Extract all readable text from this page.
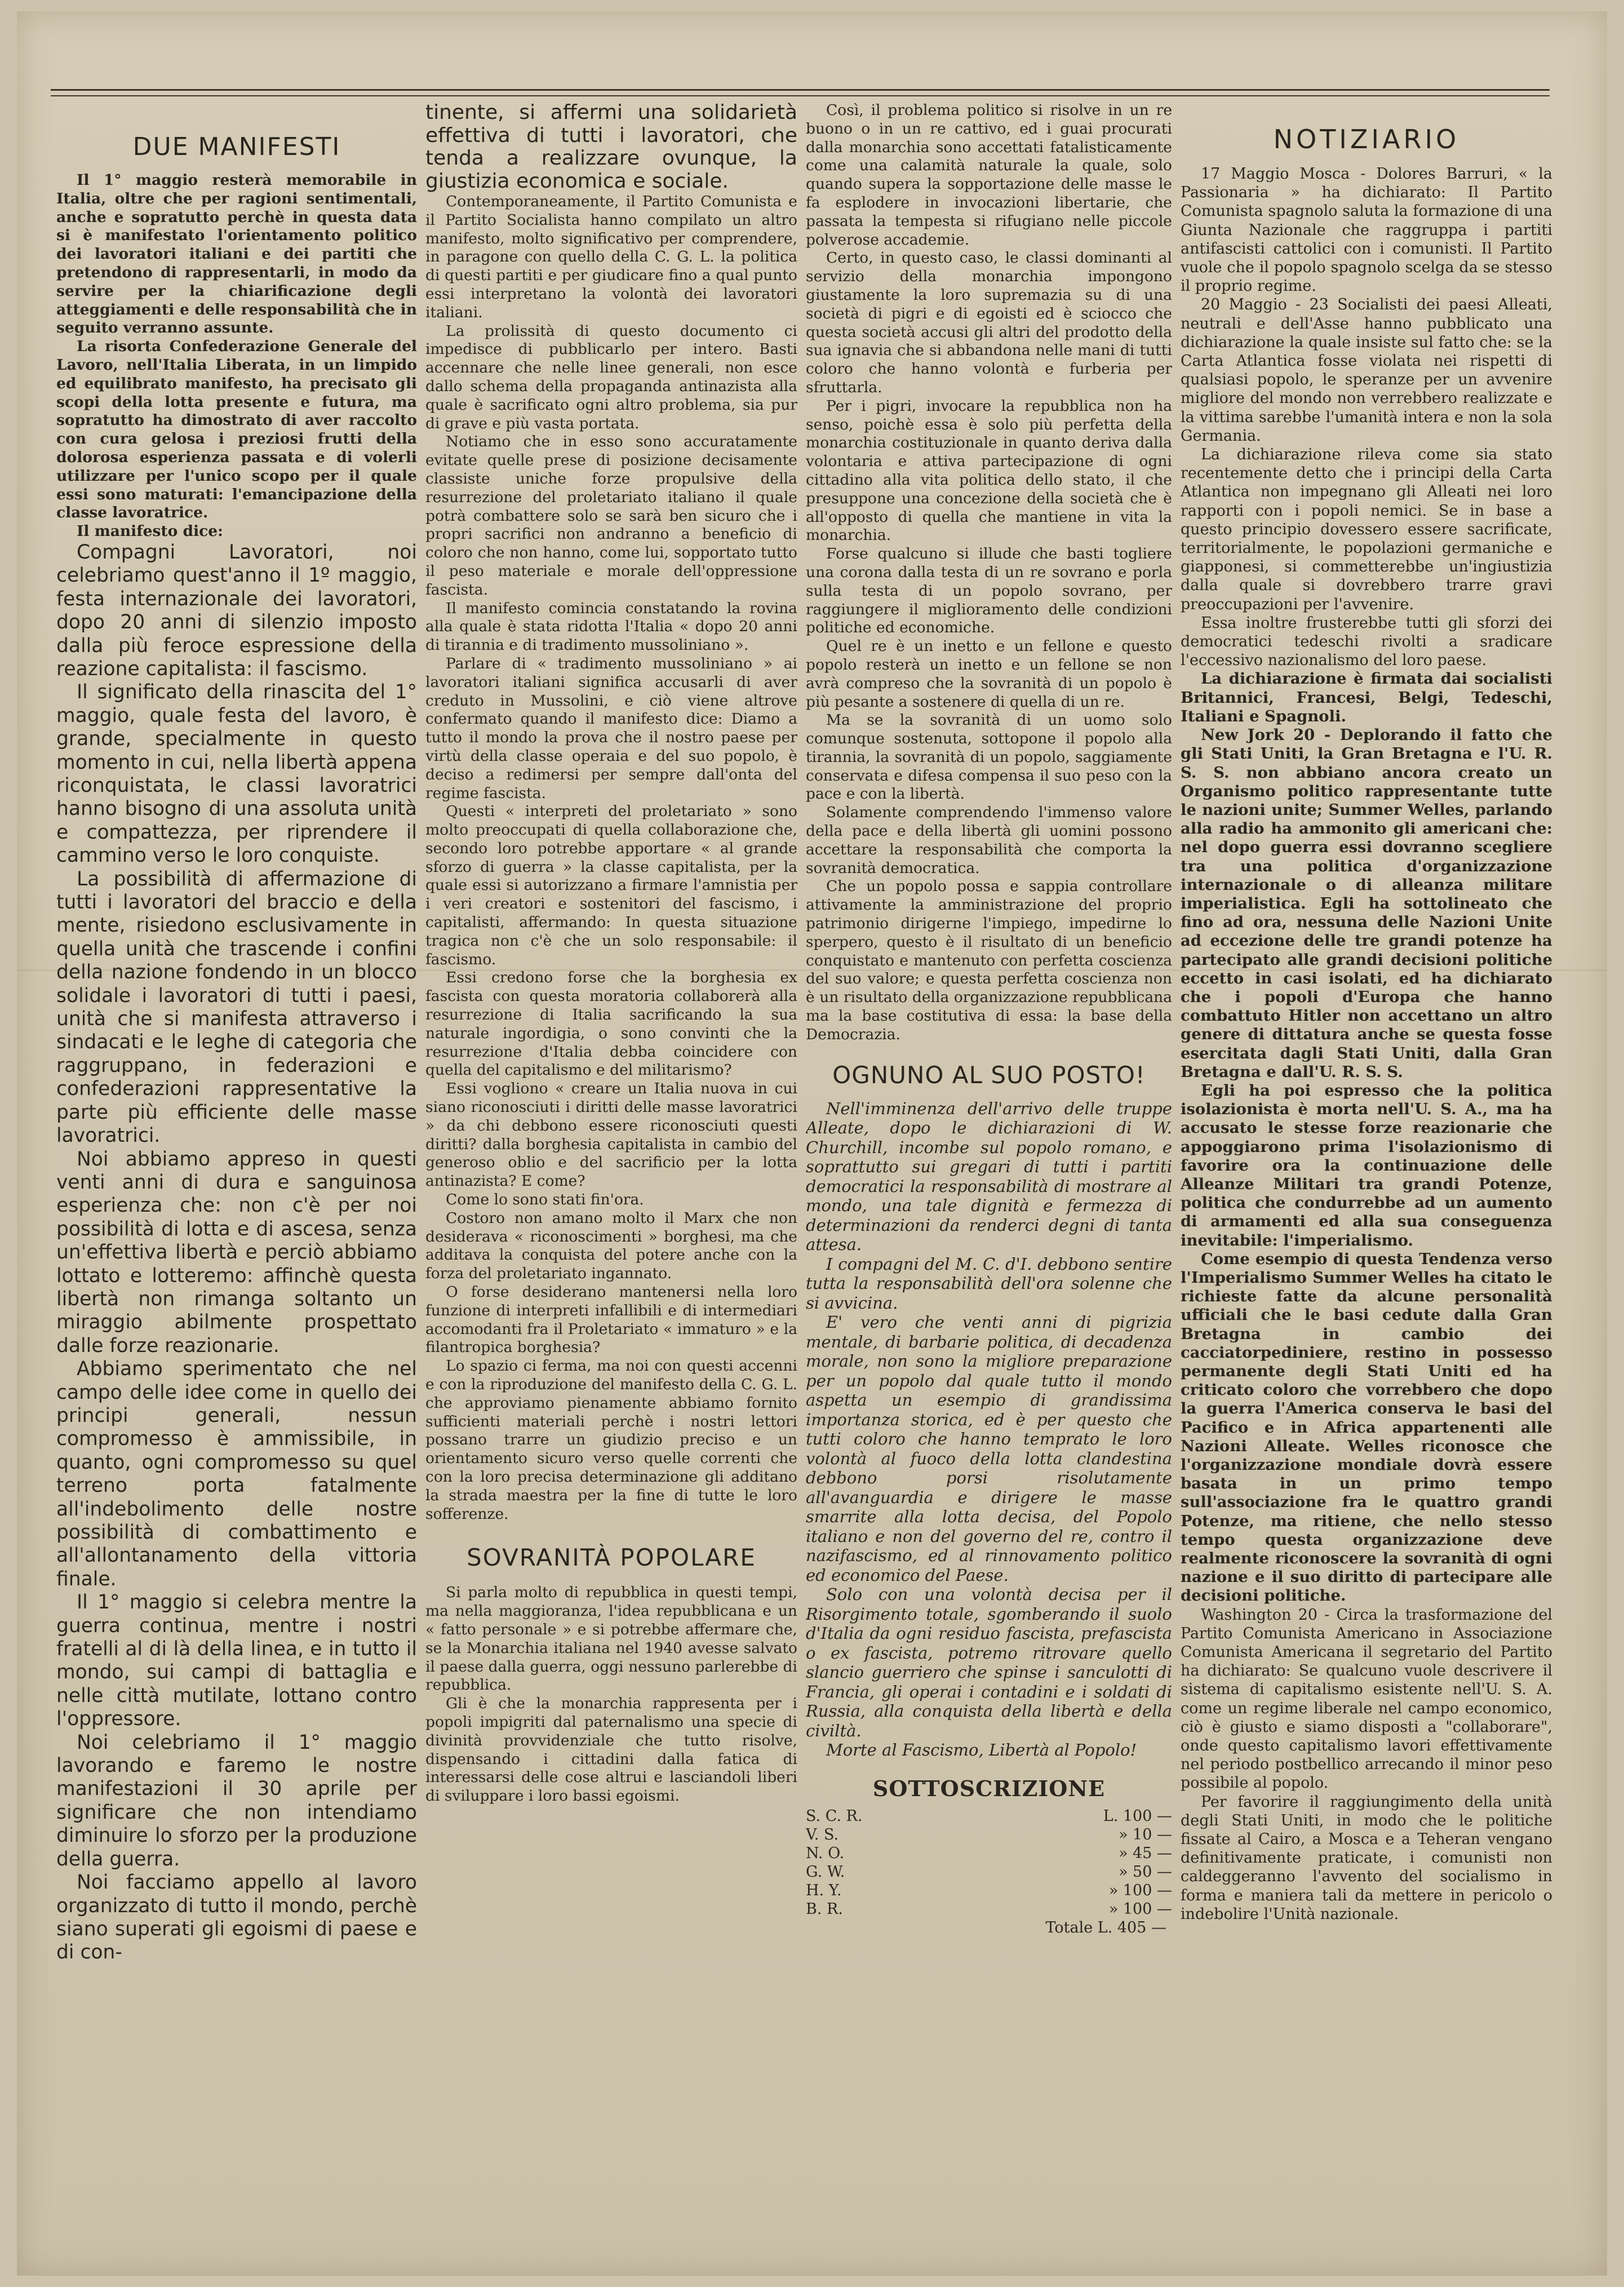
DUE MANIFESTI

Il 1° maggio resterà memorabile in Italia, oltre che per ragioni sentimentali, anche e sopratutto perchè in questa data si è manifestato l'orientamento politico dei lavoratori italiani e dei partiti che pretendono di rappresentarli, in modo da servire per la chiarificazione degli atteggiamenti e delle responsabilità che in seguito verranno assunte.

La risorta Confederazione Generale del Lavoro, nell'Italia Liberata, in un limpido ed equilibrato manifesto, ha precisato gli scopi della lotta presente e futura, ma sopratutto ha dimostrato di aver raccolto con cura gelosa i preziosi frutti della dolorosa esperienza passata e di volerli utilizzare per l'unico scopo per il quale essi sono maturati: l'emancipazione della classe lavoratrice.

Il manifesto dice:

Compagni Lavoratori, noi celebriamo quest'anno il 1º maggio, festa internazionale dei lavoratori, dopo 20 anni di silenzio imposto dalla più feroce espressione della reazione capitalista: il fascismo.

Il significato della rinascita del 1° maggio, quale festa del lavoro, è grande, specialmente in questo momento in cui, nella libertà appena riconquistata, le classi lavoratrici hanno bisogno di una assoluta unità e compattezza, per riprendere il cammino verso le loro conquiste.

La possibilità di affermazione di tutti i lavoratori del braccio e della mente, risiedono esclusivamente in quella unità che trascende i confini della nazione fondendo in un blocco solidale i lavoratori di tutti i paesi, unità che si manifesta attraverso i sindacati e le leghe di categoria che raggruppano, in federazioni e confederazioni rappresentative la parte più efficiente delle masse lavoratrici.

Noi abbiamo appreso in questi venti anni di dura e sanguinosa esperienza che: non c'è per noi possibilità di lotta e di ascesa, senza un'effettiva libertà e perciò abbiamo lottato e lotteremo: affinchè questa libertà non rimanga soltanto un miraggio abilmente prospettato dalle forze reazionarie.

Abbiamo sperimentato che nel campo delle idee come in quello dei principi generali, nessun compromesso è ammissibile, in quanto, ogni compromesso su quel terreno porta fatalmente all'indebolimento delle nostre possibilità di combattimento e all'allontanamento della vittoria finale.

Il 1° maggio si celebra mentre la guerra continua, mentre i nostri fratelli al di là della linea, e in tutto il mondo, sui campi di battaglia e nelle città mutilate, lottano contro l'oppressore.

Noi celebriamo il 1° maggio lavorando e faremo le nostre manifestazioni il 30 aprile per significare che non intendiamo diminuire lo sforzo per la produzione della guerra.

Noi facciamo appello al lavoro organizzato di tutto il mondo, perchè siano superati gli egoismi di paese e di con-

tinente, si affermi una solidarietà effettiva di tutti i lavoratori, che tenda a realizzare ovunque, la giustizia economica e sociale.

Contemporaneamente, il Partito Comunista e il Partito Socialista hanno compilato un altro manifesto, molto significativo per comprendere, in paragone con quello della C. G. L. la politica di questi partiti e per giudicare fino a qual punto essi interpretano la volontà dei lavoratori italiani.

La prolissità di questo documento ci impedisce di pubblicarlo per intero. Basti accennare che nelle linee generali, non esce dallo schema della propaganda antinazista alla quale è sacrificato ogni altro problema, sia pur di grave e più vasta portata.

Notiamo che in esso sono accuratamente evitate quelle prese di posizione decisamente classiste uniche forze propulsive della resurrezione del proletariato italiano il quale potrà combattere solo se sarà ben sicuro che i propri sacrifici non andranno a beneficio di coloro che non hanno, come lui, sopportato tutto il peso materiale e morale dell'oppressione fascista.

Il manifesto comincia constatando la rovina alla quale è stata ridotta l'Italia « dopo 20 anni di tirannia e di tradimento mussoliniano ».

Parlare di « tradimento mussoliniano » ai lavoratori italiani significa accusarli di aver creduto in Mussolini, e ciò viene altrove confermato quando il manifesto dice: Diamo a tutto il mondo la prova che il nostro paese per virtù della classe operaia e del suo popolo, è deciso a redimersi per sempre dall'onta del regime fascista.

Questi « interpreti del proletariato » sono molto preoccupati di quella collaborazione che, secondo loro potrebbe apportare « al grande sforzo di guerra » la classe capitalista, per la quale essi si autorizzano a firmare l'amnistia per i veri creatori e sostenitori del fascismo, i capitalisti, affermando: In questa situazione tragica non c'è che un solo responsabile: il fascismo.

Essi credono forse che la borghesia ex fascista con questa moratoria collaborerà alla resurrezione di Italia sacrificando la sua naturale ingordigia, o sono convinti che la resurrezione d'Italia debba coincidere con quella del capitalismo e del militarismo?

Essi vogliono « creare un Italia nuova in cui siano riconosciuti i diritti delle masse lavoratrici » da chi debbono essere riconosciuti questi diritti? dalla borghesia capitalista in cambio del generoso oblio e del sacrificio per la lotta antinazista? E come?

Come lo sono stati fin'ora.

Costoro non amano molto il Marx che non desiderava « riconoscimenti » borghesi, ma che additava la conquista del potere anche con la forza del proletariato ingannato.

O forse desiderano mantenersi nella loro funzione di interpreti infallibili e di intermediari accomodanti fra il Proletariato « immaturo » e la filantropica borghesia?

Lo spazio ci ferma, ma noi con questi accenni e con la riproduzione del manifesto della C. G. L. che approviamo pienamente abbiamo fornito sufficienti materiali perchè i nostri lettori possano trarre un giudizio preciso e un orientamento sicuro verso quelle correnti che con la loro precisa determinazione gli additano la strada maestra per la fine di tutte le loro sofferenze.

SOVRANITÀ POPOLARE

Si parla molto di repubblica in questi tempi, ma nella maggioranza, l'idea repubblicana e un « fatto personale » e si potrebbe affermare che, se la Monarchia italiana nel 1940 avesse salvato il paese dalla guerra, oggi nessuno parlerebbe di repubblica.

Gli è che la monarchia rappresenta per i popoli impigriti dal paternalismo una specie di divinità provvidenziale che tutto risolve, dispensando i cittadini dalla fatica di interessarsi delle cose altrui e lasciandoli liberi di sviluppare i loro bassi egoismi.

Così, il problema politico si risolve in un re buono o in un re cattivo, ed i guai procurati dalla monarchia sono accettati fatalisticamente come una calamità naturale la quale, solo quando supera la sopportazione delle masse le fa esplodere in invocazioni libertarie, che passata la tempesta si rifugiano nelle piccole polverose accademie.

Certo, in questo caso, le classi dominanti al servizio della monarchia impongono giustamente la loro supremazia su di una società di pigri e di egoisti ed è sciocco che questa società accusi gli altri del prodotto della sua ignavia che si abbandona nelle mani di tutti coloro che hanno volontà e furberia per sfruttarla.

Per i pigri, invocare la repubblica non ha senso, poichè essa è solo più perfetta della monarchia costituzionale in quanto deriva dalla volontaria e attiva partecipazione di ogni cittadino alla vita politica dello stato, il che presuppone una concezione della società che è all'opposto di quella che mantiene in vita la monarchia.

Forse qualcuno si illude che basti togliere una corona dalla testa di un re sovrano e porla sulla testa di un popolo sovrano, per raggiungere il miglioramento delle condizioni politiche ed economiche.

Quel re è un inetto e un fellone e questo popolo resterà un inetto e un fellone se non avrà compreso che la sovranità di un popolo è più pesante a sostenere di quella di un re.

Ma se la sovranità di un uomo solo comunque sostenuta, sottopone il popolo alla tirannia, la sovranità di un popolo, saggiamente conservata e difesa compensa il suo peso con la pace e con la libertà.

Solamente comprendendo l'immenso valore della pace e della libertà gli uomini possono accettare la responsabilità che comporta la sovranità democratica.

Che un popolo possa e sappia controllare attivamente la amministrazione del proprio patrimonio dirigerne l'impiego, impedirne lo sperpero, questo è il risultato di un beneficio conquistato e mantenuto con perfetta coscienza del suo valore; e questa perfetta coscienza non è un risultato della organizzazione repubblicana ma la base costitutiva di essa: la base della Democrazia.

OGNUNO AL SUO POSTO!

Nell'imminenza dell'arrivo delle truppe Alleate, dopo le dichiarazioni di W. Churchill, incombe sul popolo romano, e soprattutto sui gregari di tutti i partiti democratici la responsabilità di mostrare al mondo, una tale dignità e fermezza di determinazioni da renderci degni di tanta attesa.

I compagni del M. C. d'I. debbono sentire tutta la responsabilità dell'ora solenne che si avvicina.

E' vero che venti anni di pigrizia mentale, di barbarie politica, di decadenza morale, non sono la migliore preparazione per un popolo dal quale tutto il mondo aspetta un esempio di grandissima importanza storica, ed è per questo che tutti coloro che hanno temprato le loro volontà al fuoco della lotta clandestina debbono porsi risolutamente all'avanguardia e dirigere le masse smarrite alla lotta decisa, del Popolo italiano e non del governo del re, contro il nazifascismo, ed al rinnovamento politico ed economico del Paese.

Solo con una volontà decisa per il Risorgimento totale, sgomberando il suolo d'Italia da ogni residuo fascista, prefascista o ex fascista, potremo ritrovare quello slancio guerriero che spinse i sanculotti di Francia, gli operai i contadini e i soldati di Russia, alla conquista della libertà e della civiltà.

Morte al Fascismo, Libertà al Popolo!

SOTTOSCRIZIONE
S. C. R.	L. 100 —
V. S.	» 10 —
N. O.	» 45 —
G. W.	» 50 —
H. Y.	» 100 —
B. R.	» 100 —
Totale L. 405 —
NOTIZIARIO

17 Maggio Mosca - Dolores Barruri, « la Passionaria » ha dichiarato: Il Partito Comunista spagnolo saluta la formazione di una Giunta Nazionale che raggruppa i partiti antifascisti cattolici con i comunisti. Il Partito vuole che il popolo spagnolo scelga da se stesso il proprio regime.

20 Maggio - 23 Socialisti dei paesi Alleati, neutrali e dell'Asse hanno pubblicato una dichiarazione la quale insiste sul fatto che: se la Carta Atlantica fosse violata nei rispetti di qualsiasi popolo, le speranze per un avvenire migliore del mondo non verrebbero realizzate e la vittima sarebbe l'umanità intera e non la sola Germania.

La dichiarazione rileva come sia stato recentemente detto che i principi della Carta Atlantica non impegnano gli Alleati nei loro rapporti con i popoli nemici. Se in base a questo principio dovessero essere sacrificate, territorialmente, le popolazioni germaniche e giapponesi, si commetterebbe un'ingiustizia dalla quale si dovrebbero trarre gravi preoccupazioni per l'avvenire.

Essa inoltre frusterebbe tutti gli sforzi dei democratici tedeschi rivolti a sradicare l'eccessivo nazionalismo del loro paese.

La dichiarazione è firmata dai socialisti Britannici, Francesi, Belgi, Tedeschi, Italiani e Spagnoli.

New Jork 20 - Deplorando il fatto che gli Stati Uniti, la Gran Bretagna e l'U. R. S. S. non abbiano ancora creato un Organismo politico rappresentante tutte le nazioni unite; Summer Welles, parlando alla radio ha ammonito gli americani che: nel dopo guerra essi dovranno scegliere tra una politica d'organizzazione internazionale o di alleanza militare imperialistica. Egli ha sottolineato che fino ad ora, nessuna delle Nazioni Unite ad eccezione delle tre grandi potenze ha partecipato alle grandi decisioni politiche eccetto in casi isolati, ed ha dichiarato che i popoli d'Europa che hanno combattuto Hitler non accettano un altro genere di dittatura anche se questa fosse esercitata dagli Stati Uniti, dalla Gran Bretagna e dall'U. R. S. S.

Egli ha poi espresso che la politica isolazionista è morta nell'U. S. A., ma ha accusato le stesse forze reazionarie che appoggiarono prima l'isolazionismo di favorire ora la continuazione delle Alleanze Militari tra grandi Potenze, politica che condurrebbe ad un aumento di armamenti ed alla sua conseguenza inevitabile: l'imperialismo.

Come esempio di questa Tendenza verso l'Imperialismo Summer Welles ha citato le richieste fatte da alcune personalità ufficiali che le basi cedute dalla Gran Bretagna in cambio dei cacciatorpediniere, restino in possesso permanente degli Stati Uniti ed ha criticato coloro che vorrebbero che dopo la guerra l'America conserva le basi del Pacifico e in Africa appartenenti alle Nazioni Alleate. Welles riconosce che l'organizzazione mondiale dovrà essere basata in un primo tempo sull'associazione fra le quattro grandi Potenze, ma ritiene, che nello stesso tempo questa organizzazione deve realmente riconoscere la sovranità di ogni nazione e il suo diritto di partecipare alle decisioni politiche.

Washington 20 - Circa la trasformazione del Partito Comunista Americano in Associazione Comunista Americana il segretario del Partito ha dichiarato: Se qualcuno vuole descrivere il sistema di capitalismo esistente nell'U. S. A. come un regime liberale nel campo economico, ciò è giusto e siamo disposti a "collaborare", onde questo capitalismo lavori effettivamente nel periodo postbellico arrecando il minor peso possibile al popolo.

Per favorire il raggiungimento della unità degli Stati Uniti, in modo che le politiche fissate al Cairo, a Mosca e a Teheran vengano definitivamente praticate, i comunisti non caldeggeranno l'avvento del socialismo in forma e maniera tali da mettere in pericolo o indebolire l'Unità nazionale.
